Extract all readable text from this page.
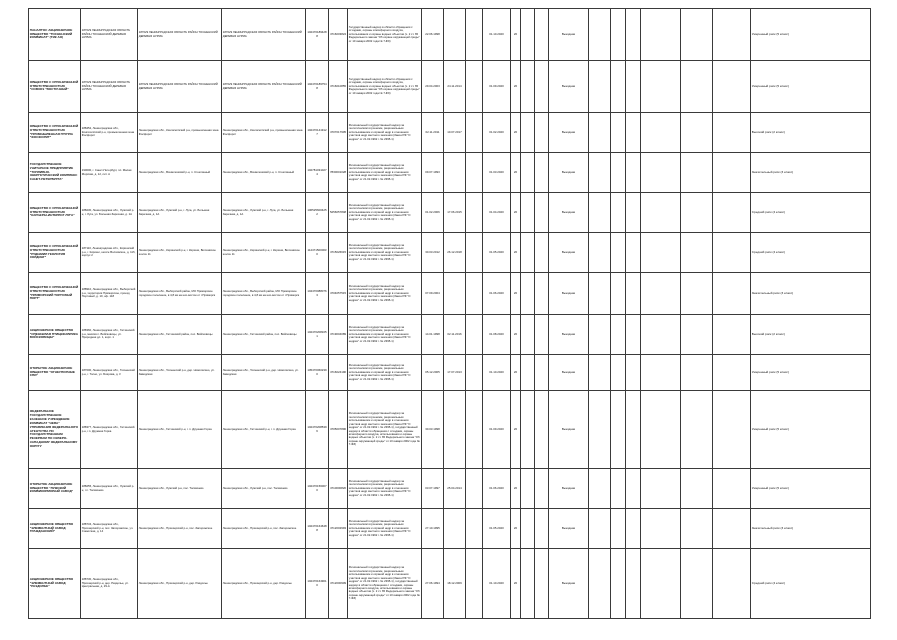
ПАНАЛТОС АКЦИОНЕРНОЕ ОБЩЕСТВО "ТОСНЕНСКИЙ КОМБИНАТ" (ТИК АО)	187029 ЛЕНИНГРАДСКАЯ ОБЛАСТЬ РАЙОН ТОСНЕНСКИЙ ДЕРЕВНЯ НУРМА	187029 ЛЕНИНГРАДСКАЯ ОБЛАСТЬ РАЙОН ТОСНЕНСКИЙ ДЕРЕВНЯ НУРМА	187029 ЛЕНИНГРАДСКАЯ ОБЛАСТЬ РАЙОН ТОСНЕНСКИЙ ДЕРЕВНЯ НУРМА	1024701894288	4716003824	Государственный надзор в области обращения с отходами, охраны атмосферного воздуха, использования и охраны водных объектов (ч. 2 ст. 65 Федерального закона "Об охране окружающей среды" от 10 января 2002 года № 7-ФЗ)	22.06.1998			01.10.2020	20			Выездная							Умеренный риск (5 класс)
ОБЩЕСТВО С ОГРАНИЧЕННОЙ ОТВЕТСТВЕННОСТЬЮ "СОВХОЗ "ВОСТОЧНЫЙ"	187029 ЛЕНИНГРАДСКАЯ ОБЛАСТЬ РАЙОН ТОСНЕНСКИЙ ДЕРЕВНЯ НУРМА	187029 ЛЕНИНГРАДСКАЯ ОБЛАСТЬ РАЙОН ТОСНЕНСКИЙ ДЕРЕВНЯ НУРМА	187029 ЛЕНИНГРАДСКАЯ ОБЛАСТЬ РАЙОН ТОСНЕНСКИЙ ДЕРЕВНЯ НУРМА	1024701897548	4716010855	Государственный надзор в области обращения с отходами, охраны атмосферного воздуха, использования и охраны водных объектов (ч. 2 ст. 65 Федерального закона "Об охране окружающей среды" от 10 января 2002 года № 7-ФЗ)	29.04.2003	24.11.2014		01.09.2020	20			Выездная							Умеренный риск (5 класс)
ОБЩЕСТВО С ОГРАНИЧЕННОЙ ОТВЕТСТВЕННОСТЬЮ "ПРОМЫШЛЕННАЯ ГРУППА "ФОСФОРИТ"	188452, Ленинградская обл., Кингисеппский р-н, промышленная зона Фосфорит	Ленинградская обл., Кингисеппский р-н, промышленная зона Фосфорит	Ленинградская обл., Кингисеппский р-н, промышленная зона Фосфорит	1024701419127	4707017905	Региональный государственный надзор за геологическим изучением, рациональным использованием и охраной недр в отношении участков недр местного значения (Закон РФ "О недрах" от 21.02.1992 г. № 2395-1)	02.11.2011	10.07.2017		01.02.2020	20			Выездная							Высокий риск (2 класс)
ГОСУДАРСТВЕННОЕ УНИТАРНОЕ ПРЕДПРИЯТИЕ "ТОПЛИВНО-ЭНЕРГЕТИЧЕСКИЙ КОМПЛЕКС САНКТ-ПЕТЕРБУРГА"	190000, г. Санкт-Петербург, пл. Малая Морская, д. 12, лит. А	Ленинградская обл., Всеволожский р-н, п. Стеклянный	Ленинградская обл., Всеволожский р-н, п. Стеклянный	1027810310274	7830001028	Региональный государственный надзор за геологическим изучением, рациональным использованием и охраной недр в отношении участков недр местного значения (Закон РФ "О недрах" от 21.02.1992 г. № 2395-1)	09.07.1993			01.03.2020	20			Выездная							Значительный риск (3 класс)
ОБЩЕСТВО С ОГРАНИЧЕННОЙ ОТВЕТСТВЕННОСТЬЮ "КАРЬЕРЫ-ИНТЕРЛОГ ЛУГА"	188230, Ленинградская обл., Лужский р-н, г. Луга, ул. Большая Заречная, д. 1А	Ленинградская обл., Лужский р-н, г. Луга, ул. Большая Заречная, д. 1А	Ленинградская обл., Лужский р-н, г. Луга, ул. Большая Заречная, д. 1А	1065256004252	5256057848	Региональный государственный надзор за геологическим изучением, рациональным использованием и охраной недр в отношении участков недр местного значения (Закон РФ "О недрах" от 21.02.1992 г. № 2395-1)	01.02.2006	17.06.2015		01.04.2020	20			Выездная							Средний риск (4 класс)
ОБЩЕСТВО С ОГРАНИЧЕННОЙ ОТВЕТСТВЕННОСТЬЮ "РУДЫМИЛ ГЕОЛОГИЯ ХОЛДИНГ"	187110, Ленинградская обл., Киришский р-н, г. Кириши, шоссе Волховское, д. 11б, корпус 2	Ленинградская обл., Киришский р-н, г. Кириши, Волховское шоссе 11	Ленинградская обл., Киришский р-н, г. Кириши, Волховское шоссе 11	1124715000030	4715026615	Региональный государственный надзор за геологическим изучением, рациональным использованием и охраной недр в отношении участков недр местного значения (Закон РФ "О недрах" от 21.02.1992 г. № 2395-1)	30.03.2012	26.12.2018		01.05.2020	20			Выездная							Средний риск (4 класс)
ОБЩЕСТВО С ОГРАНИЧЕННОЙ ОТВЕТСТВЕННОСТЬЮ "ПРИМОРСКИЙ ТОРГОВЫЙ ПОРТ"	188910, Ленинградская обл., Выборгский р-н, территория Приморское, проезд Портовый, д. 10, оф. 118	Ленинградская обл., Выборгский район, МО Приморское городское поселение, в 4,8 км на юго-восток от г.Приморск	Ленинградская обл., Выборгский район, МО Приморское городское поселение, в 4,8 км на юго-восток от г.Приморск	1044700880763	4704057515	Региональный государственный надзор за геологическим изучением, рациональным использованием и охраной недр в отношении участков недр местного значения (Закон РФ "О недрах" от 21.02.1992 г. № 2395-1)	07.09.2004			01.06.2020	20			Выездная							Значительный риск (3 класс)
АКЦИОНЕРНОЕ ОБЩЕСТВО "ОПЕНЬЕВАЯ ПТИЦЕФАБРИКА ВОЙСКОВИЦЫ"	188360, Ленинградская обл., Гатчинский р-н, массив п. Войсковицы, ул. Природная дл. 1, корп. 1	Ленинградская обл., Гатчинский район, пос. Войсковицы	Ленинградская обл., Гатчинский район, пос. Войсковицы	1024702081651	4719004089	Региональный государственный надзор за геологическим изучением, рациональным использованием и охраной недр в отношении участков недр местного значения (Закон РФ "О недрах" от 21.02.1992 г. № 2395-1)	14.01.1998	02.11.2016		01.08.2020	20			Выездная							Высокий риск (2 класс)
ОТКРЫТОЕ АКЦИОНЕРНОЕ ОБЩЕСТВО "ОГНЕУПОРНЫЕ СПИ"	187000, Ленинградская обл., Тосненский р-н, г. Тосно, ул. Боярова, д. 3	Ленинградская обл., Тосненский р-н, дер. Новолисино, ул. Заводская	Ленинградская обл., Тосненский р-н, дер. Новолисино, ул. Заводская	1054700602390	4716024190	Региональный государственный надзор за геологическим изучением, рациональным использованием и охраной недр в отношении участков недр местного значения (Закон РФ "О недрах" от 21.02.1992 г. № 2395-1)	05.12.2005	17.07.2013		01.10.2020	20			Выездная							Умеренный риск (5 класс)
ФЕДЕРАЛЬНОЕ ГОСУДАРСТВЕННОЕ КАЗЕННОЕ УЧРЕЖДЕНИЕ КОМБИНАТ "НЕВА" УПРАВЛЕНИЯ ФЕДЕРАЛЬНОГО АГЕНТСТВА ПО ГОСУДАРСТВЕННЫМ РЕЗЕРВАМ ПО СЕВЕРО-ЗАПАДНОМУ ФЕДЕРАЛЬНОМУ ОКРУГУ	188377, Ленинградская обл., Гатчинский р-н, г.п. Дружная Горка	Ленинградская обл., Гатчинский р-н, г. п. Дружная Горка	Ленинградская обл., Гатчинский р-н, г. п. Дружная Горка	1024702085396	4705007896	Региональный государственный надзор за геологическим изучением, рациональным использованием и охраной недр в отношении участков недр местного значения (Закон РФ "О недрах" от 21.02.1992 г. № 2395-1), государственный надзор в области обращения с отходами, охраны атмосферного воздуха, использования и охраны водных объектов (ч. 2 ст. 65 Федерального закона "Об охране окружающей среды" от 10 января 2002 года № 7-ФЗ)	30.03.1998			01.09.2020	20			Выездная							Умеренный риск (5 класс)
ОТКРЫТОЕ АКЦИОНЕРНОЕ ОБЩЕСТВО "ЛУЖСКИЙ КОМБИКОРМОВЫЙ ЗАВОД"	188255, Ленинградская обл., Лужский р-н, г.п. Толмачево	Ленинградская обл., Лужский р-н, пос. Толмачево	Ленинградская обл., Лужский р-н, пос. Толмачево	1024701560070	4710000820	Региональный государственный надзор за геологическим изучением, рациональным использованием и охраной недр в отношении участков недр местного значения (Закон РФ "О недрах" от 21.02.1992 г. № 2395-1)	03.07.1997	25.04.2014		01.06.2020	20			Выездная							Умеренный риск (5 класс)
АКЦИОНЕРНОЕ ОБЩЕСТВО "ЭЛЕМЕНТНЫЙ ЗАВОД ГРАЖДАНСКИЙ"	188734, Ленинградская обл., Приозерский р-н, пос. Запорожское, ул. Советская, д. 14	Ленинградская обл., Приозерский р-н, пос. Запорожское	Ленинградская обл., Приозерский р-н, пос. Запорожское	1024701646488	4712002993	Региональный государственный надзор за геологическим изучением, рациональным использованием и охраной недр в отношении участков недр местного значения (Закон РФ "О недрах" от 21.02.1992 г. № 2395-1)	27.10.1995			01.05.2020	20			Выездная							Значительный риск (3 класс)
АКЦИОНЕРНОЕ ОБЩЕСТВО "ЭЛЕМЕНТНЫЙ ЗАВОД "РАЗДОЛЬЕ"	188730, Ленинградская обл., Приозерский р-н, дер. Раздолье, ул. Центральная, д. 29-А	Ленинградская обл., Приозерский р-н, дер. Раздолье	Ленинградская обл., Приозерский р-н, дер. Раздолье	1024701649010	4712000909	Региональный государственный надзор за геологическим изучением, рациональным использованием и охраной недр в отношении участков недр местного значения (Закон РФ "О недрах" от 21.02.1992 г. № 2395-1), государственный надзор в области обращения с отходами, охраны атмосферного воздуха, использования и охраны водных объектов (ч. 2 ст. 65 Федерального закона "Об охране окружающей среды" от 10 января 2002 года № 7-ФЗ)	27.06.1994	18.12.2009		01.10.2020	20			Выездная							Средний риск (4 класс)
